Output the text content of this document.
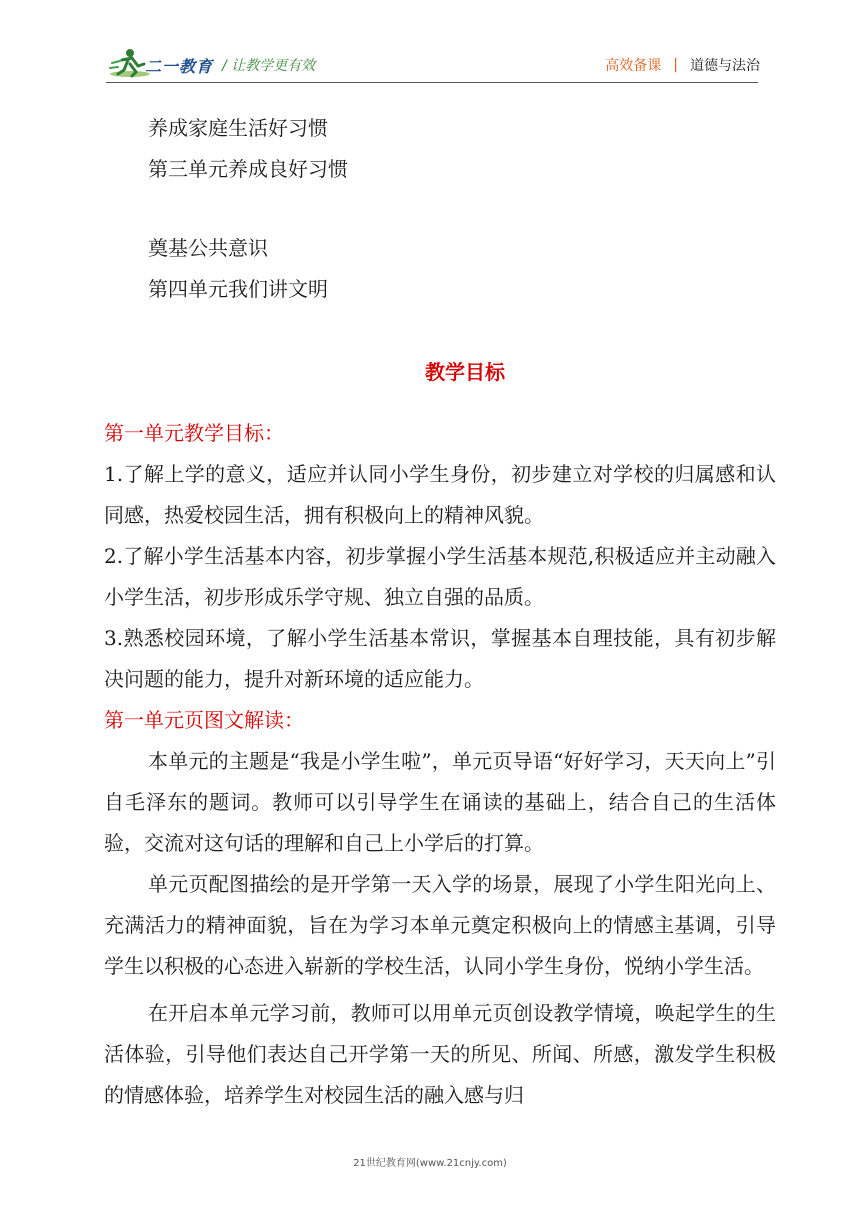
二一教育 / 让教学更有效	高效备课 | 道德与法治

养成家庭生活好习惯

第三单元养成良好习惯

奠基公共意识

第四单元我们讲文明

教学目标

第一单元教学目标：

1.了解上学的意义，适应并认同小学生身份，初步建立对学校的归属感和认同感，热爱校园生活，拥有积极向上的精神风貌。

2.了解小学生活基本内容，初步掌握小学生活基本规范,积极适应并主动融入小学生活，初步形成乐学守规、独立自强的品质。

3.熟悉校园环境，了解小学生活基本常识，掌握基本自理技能，具有初步解决问题的能力，提升对新环境的适应能力。

第一单元页图文解读：

本单元的主题是“我是小学生啦”，单元页导语“好好学习，天天向上”引自毛泽东的题词。教师可以引导学生在诵读的基础上，结合自己的生活体验，交流对这句话的理解和自己上小学后的打算。

单元页配图描绘的是开学第一天入学的场景，展现了小学生阳光向上、充满活力的精神面貌，旨在为学习本单元奠定积极向上的情感主基调，引导学生以积极的心态进入崭新的学校生活，认同小学生身份，悦纳小学生活。

在开启本单元学习前，教师可以用单元页创设教学情境，唤起学生的生活体验，引导他们表达自己开学第一天的所见、所闻、所感，激发学生积极的情感体验，培养学生对校园生活的融入感与归

21世纪教育网(www.21cnjy.com)
